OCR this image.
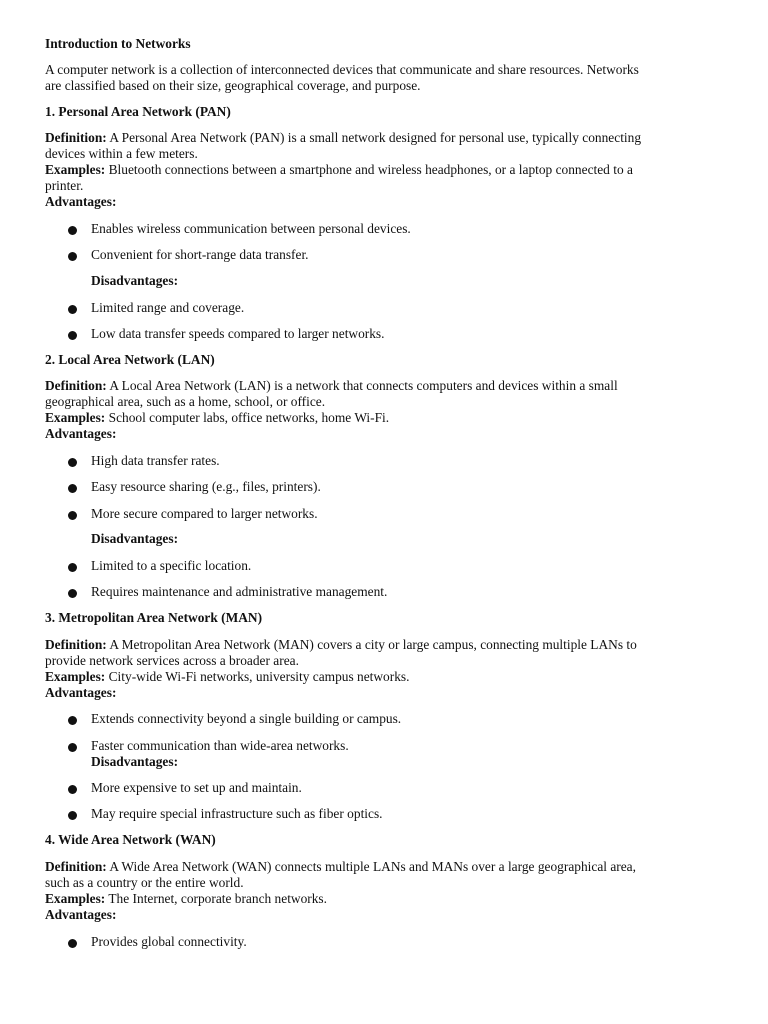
Introduction to Networks
A computer network is a collection of interconnected devices that communicate and share resources. Networks
are classified based on their size, geographical coverage, and purpose.
1. Personal Area Network (PAN)
Definition: A Personal Area Network (PAN) is a small network designed for personal use, typically connecting
devices within a few meters.
Examples: Bluetooth connections between a smartphone and wireless headphones, or a laptop connected to a
printer.
Advantages:
Enables wireless communication between personal devices.
Convenient for short-range data transfer.
Disadvantages:
Limited range and coverage.
Low data transfer speeds compared to larger networks.
2. Local Area Network (LAN)
Definition: A Local Area Network (LAN) is a network that connects computers and devices within a small
geographical area, such as a home, school, or office.
Examples: School computer labs, office networks, home Wi-Fi.
Advantages:
High data transfer rates.
Easy resource sharing (e.g., files, printers).
More secure compared to larger networks.
Disadvantages:
Limited to a specific location.
Requires maintenance and administrative management.
3. Metropolitan Area Network (MAN)
Definition: A Metropolitan Area Network (MAN) covers a city or large campus, connecting multiple LANs to
provide network services across a broader area.
Examples: City-wide Wi-Fi networks, university campus networks.
Advantages:
Extends connectivity beyond a single building or campus.
Faster communication than wide-area networks.
Disadvantages:
More expensive to set up and maintain.
May require special infrastructure such as fiber optics.
4. Wide Area Network (WAN)
Definition: A Wide Area Network (WAN) connects multiple LANs and MANs over a large geographical area,
such as a country or the entire world.
Examples: The Internet, corporate branch networks.
Advantages:
Provides global connectivity.
